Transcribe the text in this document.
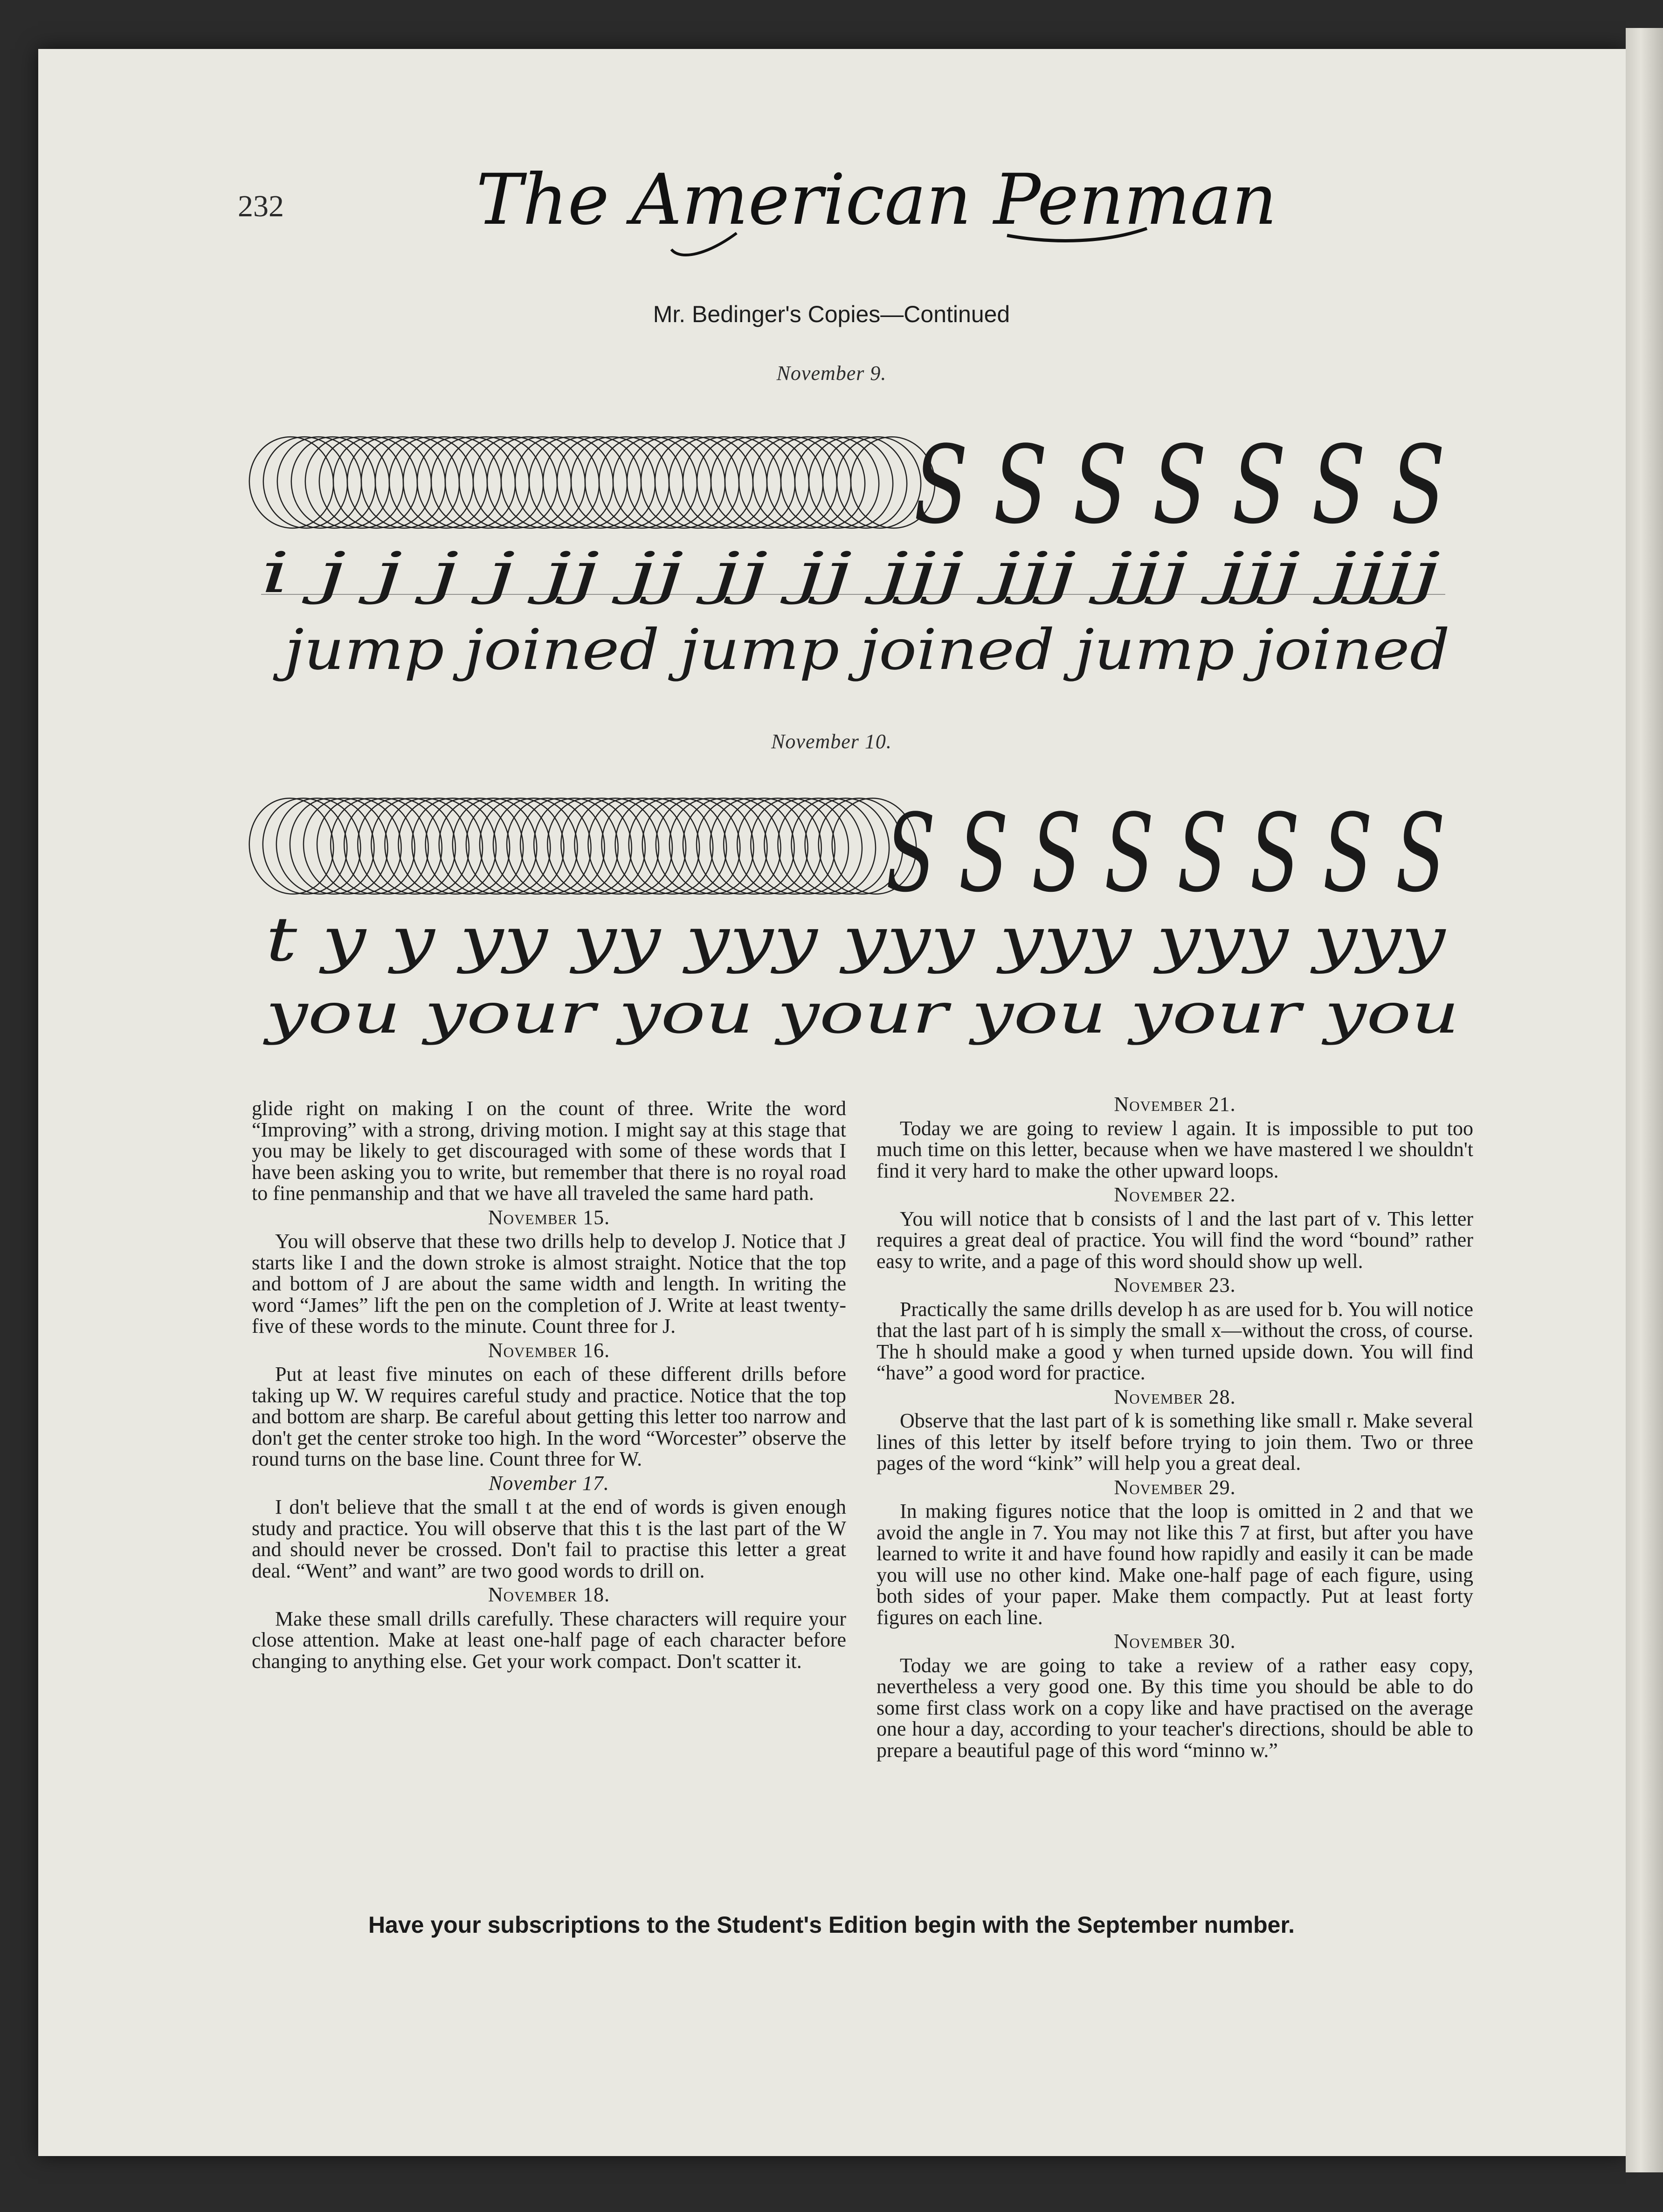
232	The American Penman
Mr. Bedinger's Copies—Continued
November 9.
S S S S S S S
i j j j j jj jj jj jj jjj jjj jjj jjj jjjj
jump joined jump joined jump joined
November 10.
S S S S S S S S
t y y yy yy yyy yyy yyy yyy yyy
you your you your you your you

glide right on making I on the count of three. Write the word “Improving” with a strong, driving motion. I might say at this stage that you may be likely to get discouraged with some of these words that I have been asking you to write, but remember that there is no royal road to fine penmanship and that we have all traveled the same hard path.

November 15.

You will observe that these two drills help to develop J. Notice that J starts like I and the down stroke is almost straight. Notice that the top and bottom of J are about the same width and length. In writing the word “James” lift the pen on the completion of J. Write at least twenty-five of these words to the minute. Count three for J.

November 16.

Put at least five minutes on each of these different drills before taking up W. W requires careful study and practice. Notice that the top and bottom are sharp. Be careful about getting this letter too narrow and don't get the center stroke too high. In the word “Worcester” observe the round turns on the base line. Count three for W.

November 17.

I don't believe that the small t at the end of words is given enough study and practice. You will observe that this t is the last part of the W and should never be crossed. Don't fail to practise this letter a great deal. “Went” and want” are two good words to drill on.

November 18.

Make these small drills carefully. These characters will require your close attention. Make at least one-half page of each character before changing to anything else. Get your work compact. Don't scatter it.

November 21.

Today we are going to review l again. It is impossible to put too much time on this letter, because when we have mastered l we shouldn't find it very hard to make the other upward loops.

November 22.

You will notice that b consists of l and the last part of v. This letter requires a great deal of practice. You will find the word “bound” rather easy to write, and a page of this word should show up well.

November 23.

Practically the same drills develop h as are used for b. You will notice that the last part of h is simply the small x—without the cross, of course. The h should make a good y when turned upside down. You will find “have” a good word for practice.

November 28.

Observe that the last part of k is something like small r. Make several lines of this letter by itself before trying to join them. Two or three pages of the word “kink” will help you a great deal.

November 29.

In making figures notice that the loop is omitted in 2 and that we avoid the angle in 7. You may not like this 7 at first, but after you have learned to write it and have found how rapidly and easily it can be made you will use no other kind. Make one-half page of each figure, using both sides of your paper. Make them compactly. Put at least forty figures on each line.

November 30.

Today we are going to take a review of a rather easy copy, nevertheless a very good one. By this time you should be able to do some first class work on a copy like and have practised on the average one hour a day, according to your teacher's directions, should be able to prepare a beautiful page of this word “minno w.”

Have your subscriptions to the Student's Edition begin with the September number.
